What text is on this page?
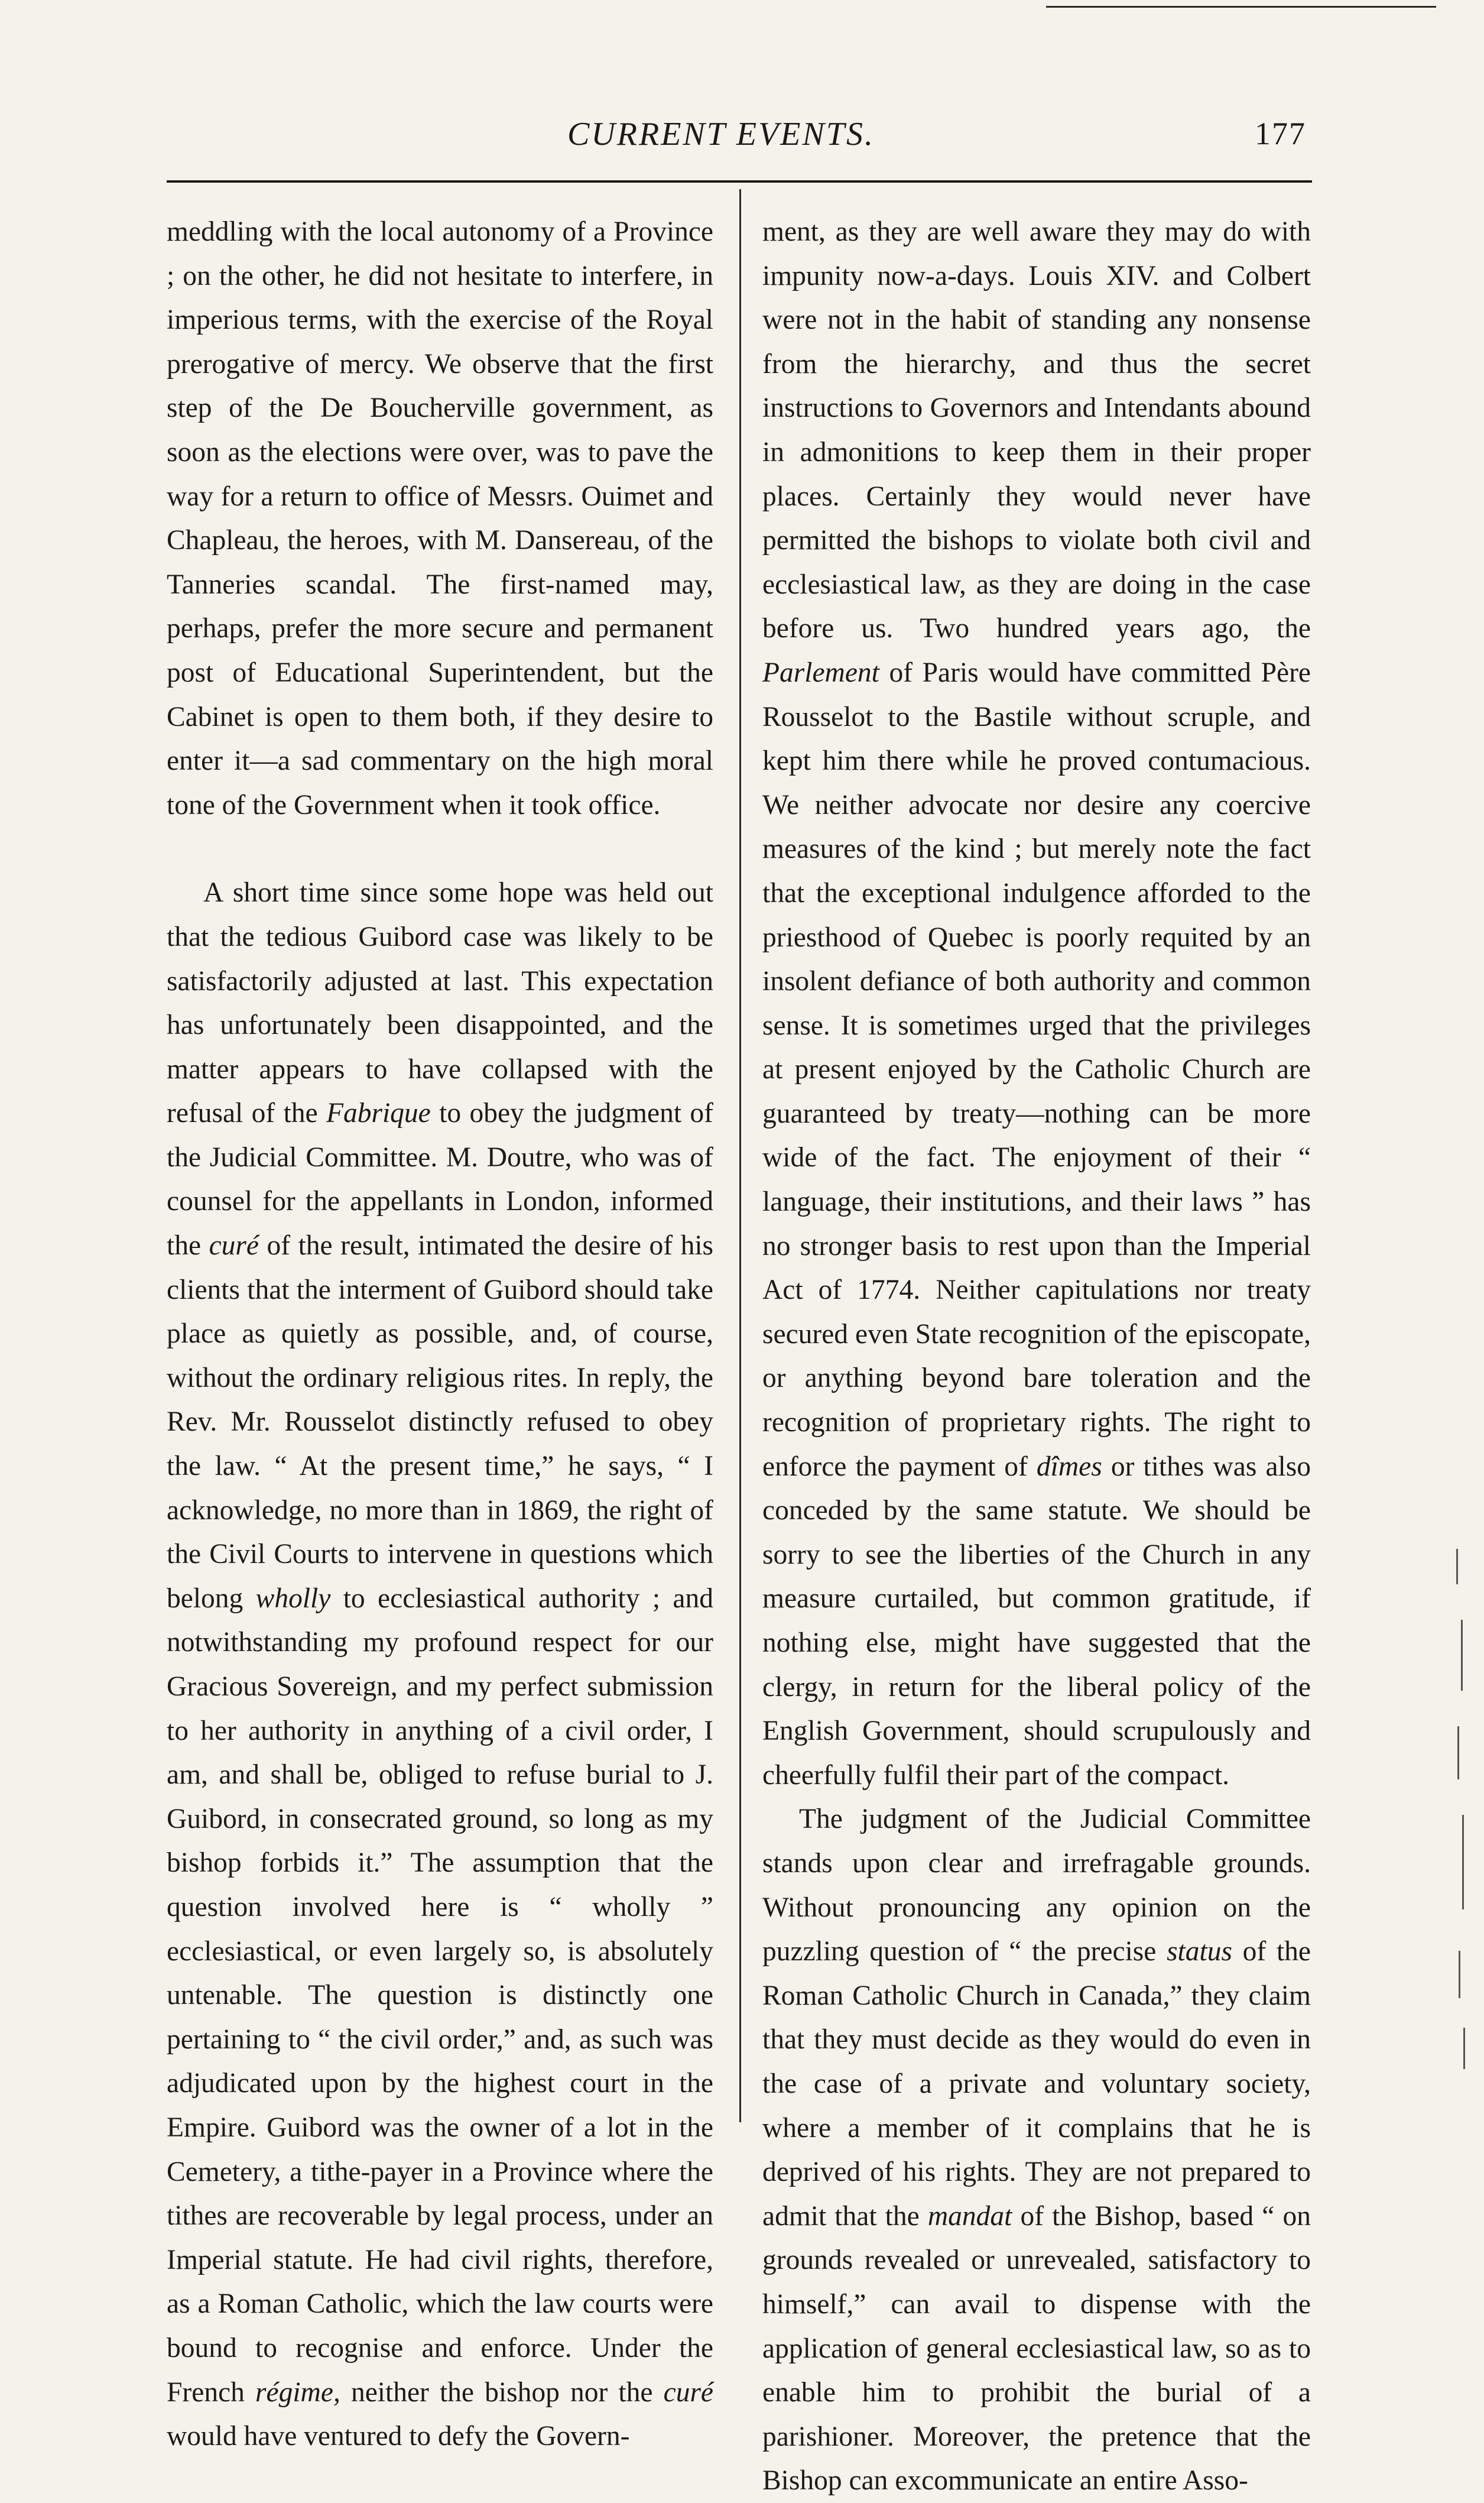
CURRENT EVENTS.	177

meddling with the local autonomy of a Province ; on the other, he did not hesitate to interfere, in imperious terms, with the exercise of the Royal prerogative of mercy. We observe that the first step of the De Boucherville government, as soon as the elections were over, was to pave the way for a return to office of Messrs. Ouimet and Chapleau, the heroes, with M. Dansereau, of the Tanneries scandal. The first-named may, perhaps, prefer the more secure and permanent post of Educational Superintendent, but the Cabinet is open to them both, if they desire to enter it—a sad commentary on the high moral tone of the Government when it took office.

A short time since some hope was held out that the tedious Guibord case was likely to be satisfactorily adjusted at last. This expectation has unfortunately been disappointed, and the matter appears to have collapsed with the refusal of the Fabrique to obey the judgment of the Judicial Committee. M. Doutre, who was of counsel for the appellants in London, informed the curé of the result, intimated the desire of his clients that the interment of Guibord should take place as quietly as possible, and, of course, without the ordinary religious rites. In reply, the Rev. Mr. Rousselot distinctly refused to obey the law. “ At the present time,” he says, “ I acknowledge, no more than in 1869, the right of the Civil Courts to intervene in questions which belong wholly to ecclesiastical authority ; and notwithstanding my profound respect for our Gracious Sovereign, and my perfect submission to her authority in anything of a civil order, I am, and shall be, obliged to refuse burial to J. Guibord, in consecrated ground, so long as my bishop forbids it.” The assumption that the question involved here is “ wholly ” ecclesiastical, or even largely so, is absolutely untenable. The question is distinctly one pertaining to “ the civil order,” and, as such was adjudicated upon by the highest court in the Empire. Guibord was the owner of a lot in the Cemetery, a tithe-payer in a Province where the tithes are recoverable by legal process, under an Imperial statute. He had civil rights, therefore, as a Roman Catholic, which the law courts were bound to recognise and enforce. Under the French régime, neither the bishop nor the curé would have ventured to defy the Govern-

ment, as they are well aware they may do with impunity now-a-days. Louis XIV. and Colbert were not in the habit of standing any nonsense from the hierarchy, and thus the secret instructions to Governors and Intendants abound in admonitions to keep them in their proper places. Certainly they would never have permitted the bishops to violate both civil and ecclesiastical law, as they are doing in the case before us. Two hundred years ago, the Parlement of Paris would have committed Père Rousselot to the Bastile without scruple, and kept him there while he proved contumacious. We neither advocate nor desire any coercive measures of the kind ; but merely note the fact that the exceptional indulgence afforded to the priesthood of Quebec is poorly requited by an insolent defiance of both authority and common sense. It is sometimes urged that the privileges at present enjoyed by the Catholic Church are guaranteed by treaty—nothing can be more wide of the fact. The enjoyment of their “ language, their institutions, and their laws ” has no stronger basis to rest upon than the Imperial Act of 1774. Neither capitulations nor treaty secured even State recognition of the episcopate, or anything beyond bare toleration and the recognition of proprietary rights. The right to enforce the payment of dîmes or tithes was also conceded by the same statute. We should be sorry to see the liberties of the Church in any measure curtailed, but common gratitude, if nothing else, might have suggested that the clergy, in return for the liberal policy of the English Government, should scrupulously and cheerfully fulfil their part of the compact.

The judgment of the Judicial Committee stands upon clear and irrefragable grounds. Without pronouncing any opinion on the puzzling question of “ the precise status of the Roman Catholic Church in Canada,” they claim that they must decide as they would do even in the case of a private and voluntary society, where a member of it complains that he is deprived of his rights. They are not prepared to admit that the mandat of the Bishop, based “ on grounds revealed or unrevealed, satisfactory to himself,” can avail to dispense with the application of general ecclesiastical law, so as to enable him to prohibit the burial of a parishioner. Moreover, the pretence that the Bishop can excommunicate an entire Asso-
